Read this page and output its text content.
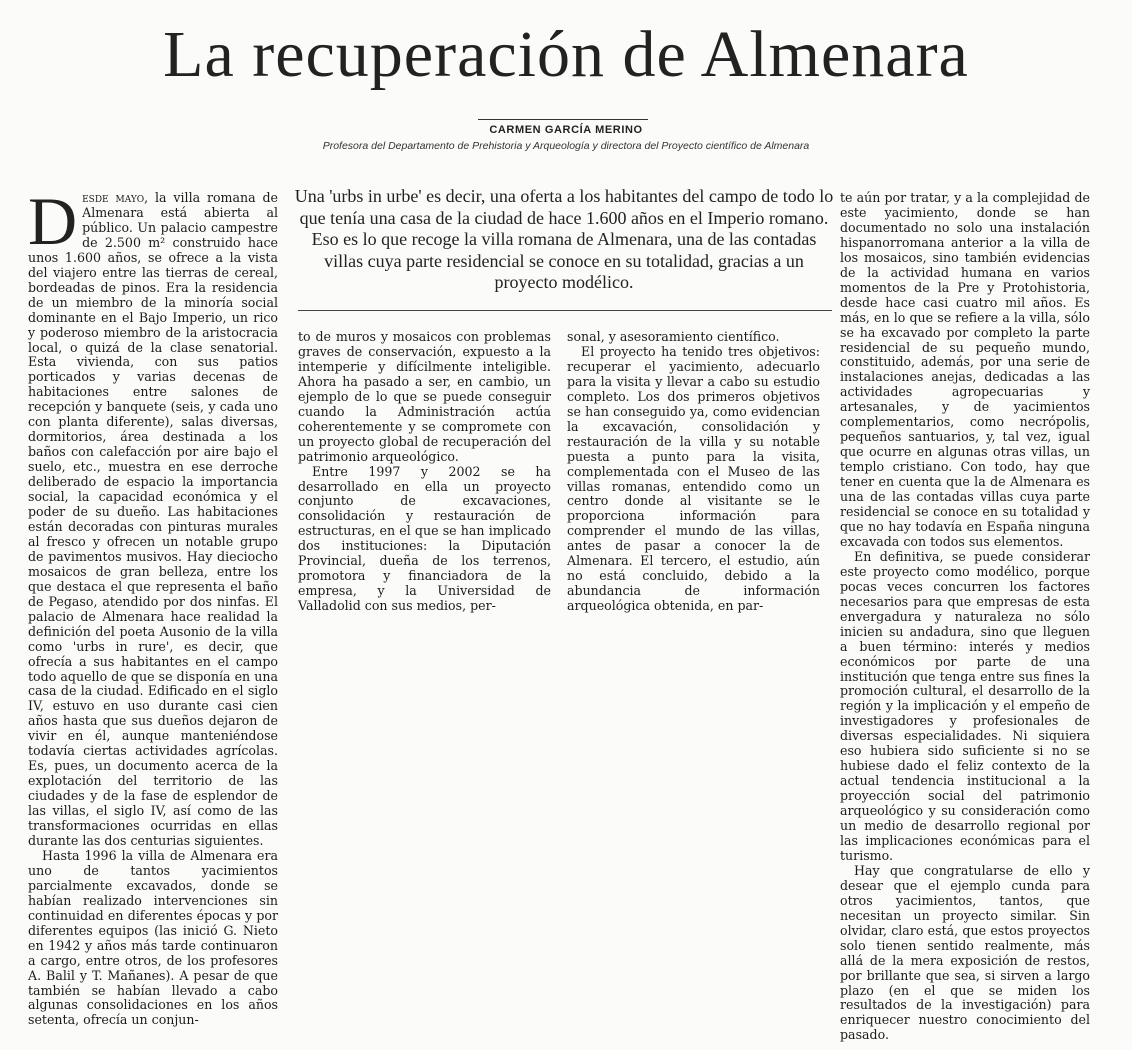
La recuperación de Almenara
CARMEN GARCÍA MERINO
Profesora del Departamento de Prehistoria y Arqueología y directora del Proyecto científico de Almenara
Una 'urbs in urbe' es decir, una oferta a los habitantes del campo de todo lo que tenía una casa de la ciudad de hace 1.600 años en el Imperio romano. Eso es lo que recoge la villa romana de Almenara, una de las contadas villas cuya parte residencial se conoce en su totalidad, gracias a un proyecto modélico.

Desde mayo, la villa romana de Almenara está abierta al público. Un palacio campestre de 2.500 m² construido hace unos 1.600 años, se ofrece a la vista del viajero entre las tierras de cereal, bordeadas de pinos. Era la residencia de un miembro de la minoría social dominante en el Bajo Imperio, un rico y poderoso miembro de la aristocracia local, o quizá de la clase senatorial. Esta vivienda, con sus patios porticados y varias decenas de habitaciones entre salones de recepción y banquete (seis, y cada uno con planta diferente), salas diversas, dormitorios, área destinada a los baños con calefacción por aire bajo el suelo, etc., muestra en ese derroche deliberado de espacio la importancia social, la capacidad económica y el poder de su dueño. Las habitaciones están decoradas con pinturas murales al fresco y ofrecen un notable grupo de pavimentos musivos. Hay dieciocho mosaicos de gran belleza, entre los que destaca el que representa el baño de Pegaso, atendido por dos ninfas. El palacio de Almenara hace realidad la definición del poeta Ausonio de la villa como 'urbs in rure', es decir, que ofrecía a sus habitantes en el campo todo aquello de que se disponía en una casa de la ciudad. Edificado en el siglo IV, estuvo en uso durante casi cien años hasta que sus dueños dejaron de vivir en él, aunque manteniéndose todavía ciertas actividades agrícolas. Es, pues, un documento acerca de la explotación del territorio de las ciudades y de la fase de esplendor de las villas, el siglo IV, así como de las transformaciones ocurridas en ellas durante las dos centurias siguientes.

Hasta 1996 la villa de Almenara era uno de tantos yacimientos parcialmente excavados, donde se habían realizado intervenciones sin continuidad en diferentes épocas y por diferentes equipos (las inició G. Nieto en 1942 y años más tarde continuaron a cargo, entre otros, de los profesores A. Balil y T. Mañanes). A pesar de que también se habían llevado a cabo algunas consolidaciones en los años setenta, ofrecía un conjun-

to de muros y mosaicos con problemas graves de conservación, expuesto a la intemperie y difícilmente inteligible. Ahora ha pasado a ser, en cambio, un ejemplo de lo que se puede conseguir cuando la Administración actúa coherentemente y se compromete con un proyecto global de recuperación del patrimonio arqueológico.

Entre 1997 y 2002 se ha desarrollado en ella un proyecto conjunto de excavaciones, consolidación y restauración de estructuras, en el que se han implicado dos instituciones: la Diputación Provincial, dueña de los terrenos, promotora y financiadora de la empresa, y la Universidad de Valladolid con sus medios, per-

sonal, y asesoramiento científico.

El proyecto ha tenido tres objetivos: recuperar el yacimiento, adecuarlo para la visita y llevar a cabo su estudio completo. Los dos primeros objetivos se han conseguido ya, como evidencian la excavación, consolidación y restauración de la villa y su notable puesta a punto para la visita, complementada con el Museo de las villas romanas, entendido como un centro donde al visitante se le proporciona información para comprender el mundo de las villas, antes de pasar a conocer la de Almenara. El tercero, el estudio, aún no está concluido, debido a la abundancia de información arqueológica obtenida, en par-

te aún por tratar, y a la complejidad de este yacimiento, donde se han documentado no solo una instalación hispanorromana anterior a la villa de los mosaicos, sino también evidencias de la actividad humana en varios momentos de la Pre y Protohistoria, desde hace casi cuatro mil años. Es más, en lo que se refiere a la villa, sólo se ha excavado por completo la parte residencial de su pequeño mundo, constituido, además, por una serie de instalaciones anejas, dedicadas a las actividades agropecuarias y artesanales, y de yacimientos complementarios, como necrópolis, pequeños santuarios, y, tal vez, igual que ocurre en algunas otras villas, un templo cristiano. Con todo, hay que tener en cuenta que la de Almenara es una de las contadas villas cuya parte residencial se conoce en su totalidad y que no hay todavía en España ninguna excavada con todos sus elementos.

En definitiva, se puede considerar este proyecto como modélico, porque pocas veces concurren los factores necesarios para que empresas de esta envergadura y naturaleza no sólo inicien su andadura, sino que lleguen a buen término: interés y medios económicos por parte de una institución que tenga entre sus fines la promoción cultural, el desarrollo de la región y la implicación y el empeño de investigadores y profesionales de diversas especialidades. Ni siquiera eso hubiera sido suficiente si no se hubiese dado el feliz contexto de la actual tendencia institucional a la proyección social del patrimonio arqueológico y su consideración como un medio de desarrollo regional por las implicaciones económicas para el turismo.

Hay que congratularse de ello y desear que el ejemplo cunda para otros yacimientos, tantos, que necesitan un proyecto similar. Sin olvidar, claro está, que estos proyectos solo tienen sentido realmente, más allá de la mera exposición de restos, por brillante que sea, si sirven a largo plazo (en el que se miden los resultados de la investigación) para enriquecer nuestro conocimiento del pasado.
